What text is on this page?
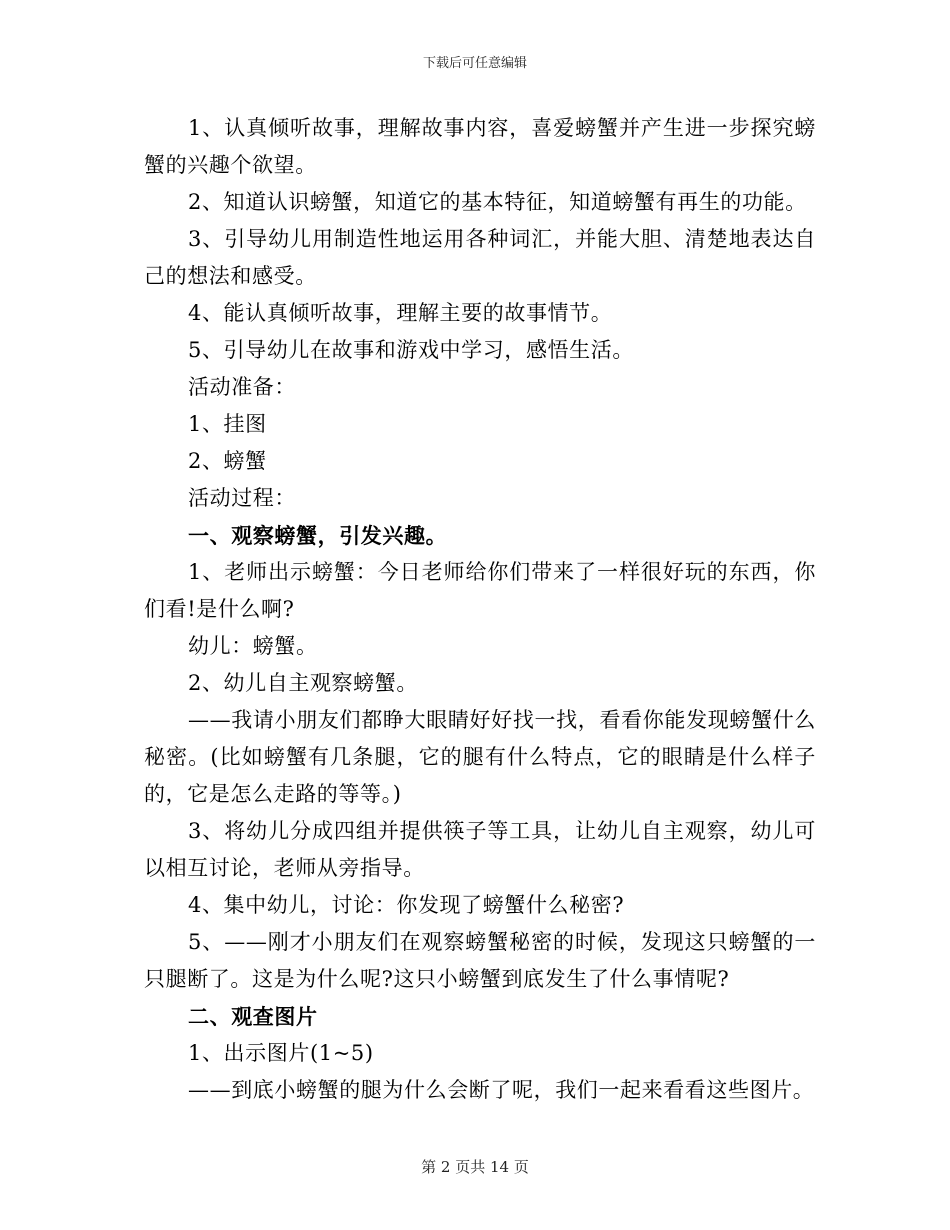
下载后可任意编辑

1、认真倾听故事，理解故事内容，喜爱螃蟹并产生进一步探究螃蟹的兴趣个欲望。

2、知道认识螃蟹，知道它的基本特征，知道螃蟹有再生的功能。

3、引导幼儿用制造性地运用各种词汇，并能大胆、清楚地表达自己的想法和感受。

4、能认真倾听故事，理解主要的故事情节。

5、引导幼儿在故事和游戏中学习，感悟生活。

活动准备：

1、挂图

2、螃蟹

活动过程：

一、观察螃蟹，引发兴趣。

1、老师出示螃蟹：今日老师给你们带来了一样很好玩的东西，你们看!是什么啊?

幼儿：螃蟹。

2、幼儿自主观察螃蟹。

——我请小朋友们都睁大眼睛好好找一找，看看你能发现螃蟹什么秘密。(比如螃蟹有几条腿，它的腿有什么特点，它的眼睛是什么样子的，它是怎么走路的等等。)

3、将幼儿分成四组并提供筷子等工具，让幼儿自主观察，幼儿可以相互讨论，老师从旁指导。

4、集中幼儿，讨论：你发现了螃蟹什么秘密?

5、——刚才小朋友们在观察螃蟹秘密的时候，发现这只螃蟹的一只腿断了。这是为什么呢?这只小螃蟹到底发生了什么事情呢?

二、观查图片

1、出示图片(1~5)

——到底小螃蟹的腿为什么会断了呢，我们一起来看看这些图片。

第 2 页共 14 页
